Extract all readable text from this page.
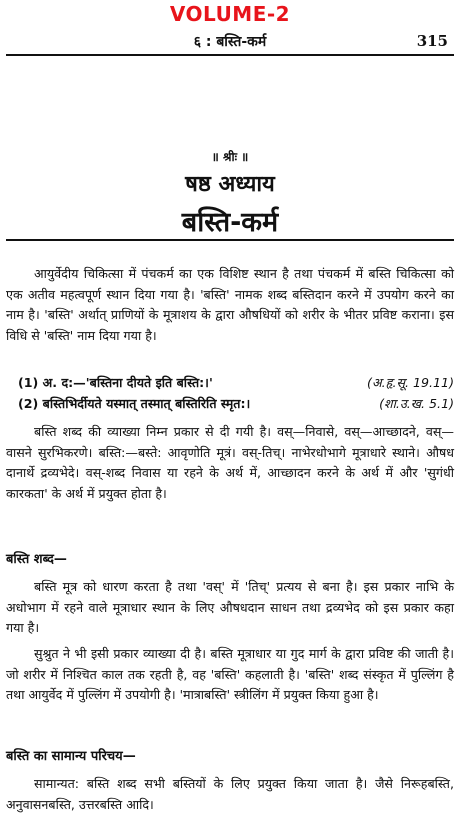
VOLUME-2
६ : बस्ति-कर्म	315
॥ श्रीः ॥
षष्ठ अध्याय
बस्ति-कर्म

आयुर्वेदीय चिकित्सा में पंचकर्म का एक विशिष्ट स्थान है तथा पंचकर्म में बस्ति चिकित्सा को एक अतीव महत्वपूर्ण स्थान दिया गया है। 'बस्ति' नामक शब्द बस्तिदान करने में उपयोग करने का नाम है। 'बस्ति' अर्थात् प्राणियों के मूत्राशय के द्वारा औषधियों को शरीर के भीतर प्रविष्ट कराना। इस विधि से 'बस्ति' नाम दिया गया है।

(1) अ. द:—'बस्तिना दीयते इति बस्ति:।'	(अ.हृ.सू. 19.11)
(2) बस्तिभिर्दीयते यस्मात् तस्मात् बस्तिरिति स्मृत:।	(शा.उ.ख. 5.1)

बस्ति शब्द की व्याख्या निम्न प्रकार से दी गयी है। वस्—निवासे, वस्—आच्छादने, वस्—वासने सुरभिकरणे। बस्ति:—बस्ते: आवृणोति मूत्रं। वस्-तिच्। नाभेरधोभागे मूत्राधारे स्थाने। औषध दानार्थे द्रव्यभेदे। वस्-शब्द निवास या रहने के अर्थ में, आच्छादन करने के अर्थ में और 'सुगंधी कारकता' के अर्थ में प्रयुक्त होता है।

बस्ति शब्द—

बस्ति मूत्र को धारण करता है तथा 'वस्' में 'तिच्' प्रत्यय से बना है। इस प्रकार नाभि के अधोभाग में रहने वाले मूत्राधार स्थान के लिए औषधदान साधन तथा द्रव्यभेद को इस प्रकार कहा गया है।

सुश्रुत ने भी इसी प्रकार व्याख्या दी है। बस्ति मूत्राधार या गुद मार्ग के द्वारा प्रविष्ट की जाती है। जो शरीर में निश्चित काल तक रहती है, वह 'बस्ति' कहलाती है। 'बस्ति' शब्द संस्कृत में पुल्लिंग है तथा आयुर्वेद में पुल्लिंग में उपयोगी है। 'मात्राबस्ति' स्त्रीलिंग में प्रयुक्त किया हुआ है।

बस्ति का सामान्य परिचय—

सामान्यत: बस्ति शब्द सभी बस्तियों के लिए प्रयुक्त किया जाता है। जैसे निरूहबस्ति, अनुवासनबस्ति, उत्तरबस्ति आदि।
